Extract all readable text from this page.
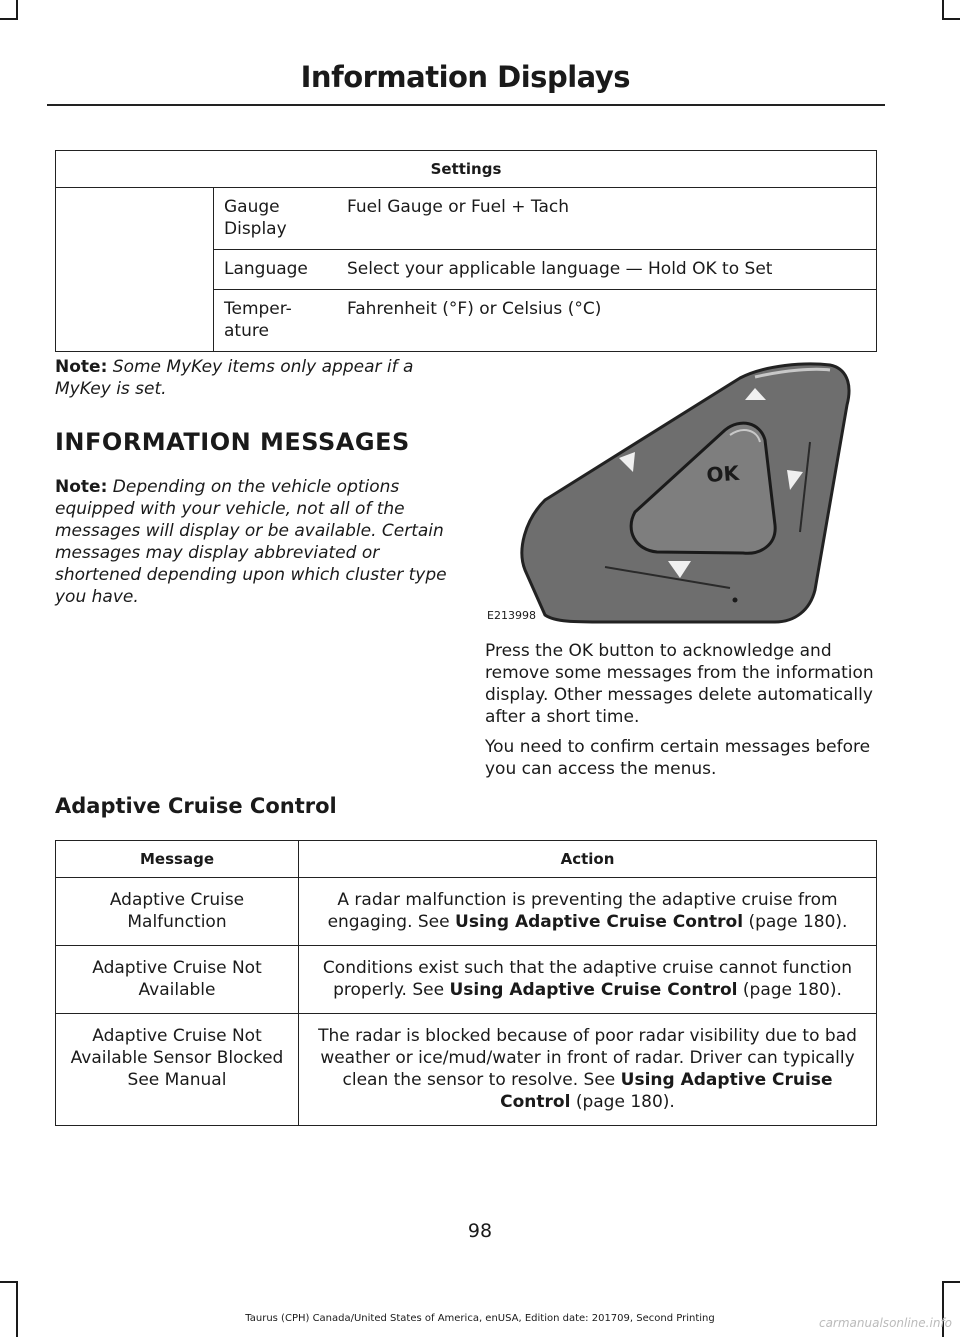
Information Displays
Settings		
	Gauge Display	Fuel Gauge or Fuel + Tach
	Language	Select your applicable language — Hold OK to Set
	Temper-ature	Fahrenheit (°F) or Celsius (°C)
Note: Some MyKey items only appear if a MyKey is set.
INFORMATION MESSAGES
Note: Depending on the vehicle options equipped with your vehicle, not all of the messages will display or be available. Certain messages may display abbreviated or shortened depending upon which cluster type you have.
OK
E213998
Press the OK button to acknowledge and remove some messages from the information display. Other messages delete automatically after a short time.
You need to confirm certain messages before you can access the menus.
Adaptive Cruise Control
Message	Action
Adaptive Cruise Malfunction	A radar malfunction is preventing the adaptive cruise from engaging. See Using Adaptive Cruise Control (page 180).
Adaptive Cruise Not Available	Conditions exist such that the adaptive cruise cannot function properly. See Using Adaptive Cruise Control (page 180).
Adaptive Cruise Not Available Sensor Blocked See Manual	The radar is blocked because of poor radar visibility due to bad weather or ice/mud/water in front of radar. Driver can typically clean the sensor to resolve. See Using Adaptive Cruise Control (page 180).
98
Taurus (CPH) Canada/United States of America, enUSA, Edition date: 201709, Second Printing	carmanualsonline.info
